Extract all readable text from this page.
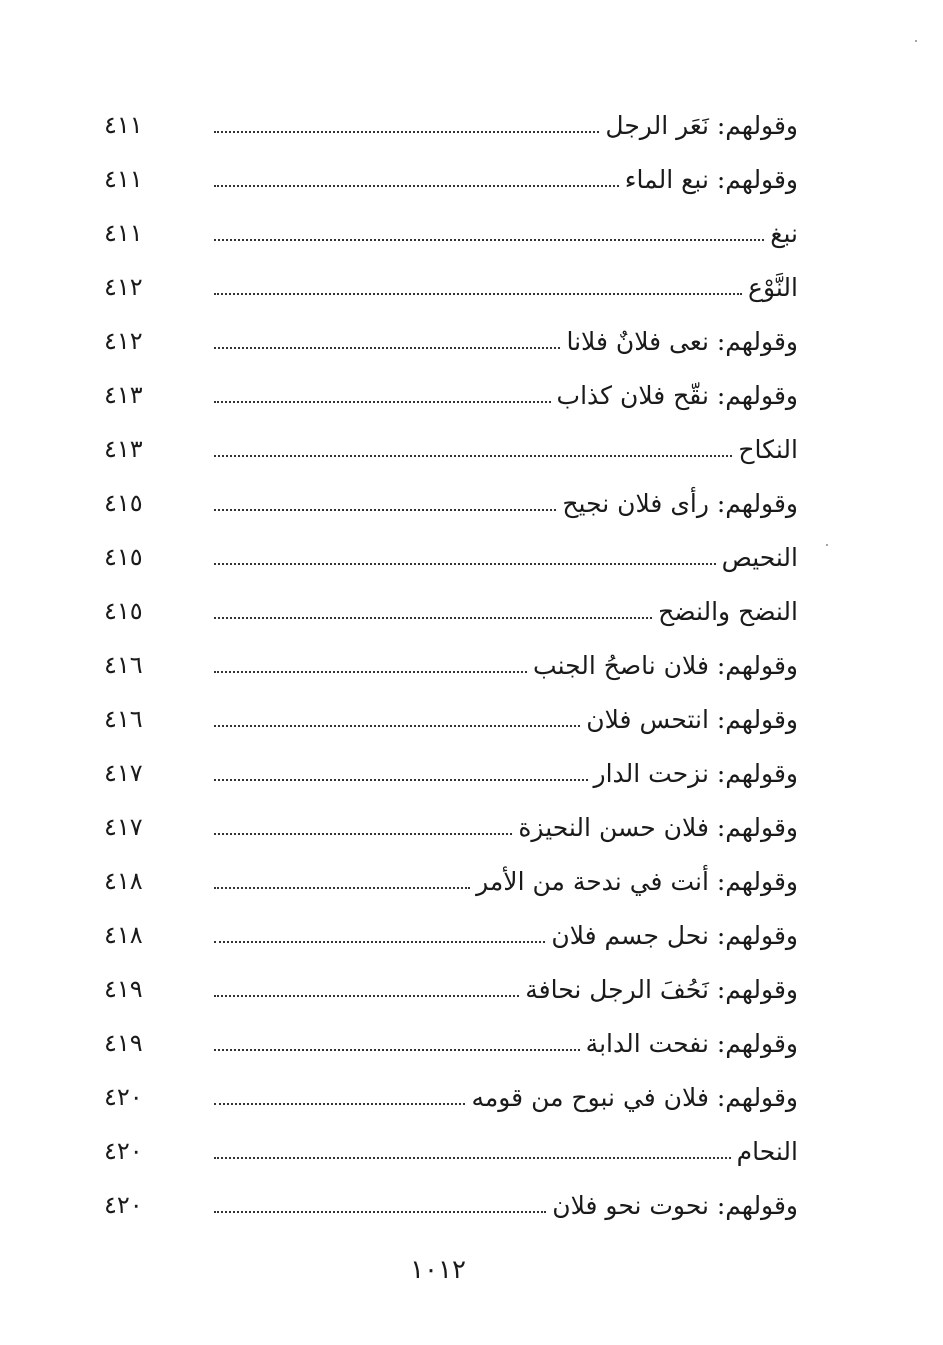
٤١١	وقولهم: نَعَر الرجل
٤١١	وقولهم: نبع الماء
٤١١	نبغ
٤١٢	النَّوْع
٤١٢	وقولهم: نعى فلانٌ فلانا
٤١٣	وقولهم: نقّح فلان كذاب
٤١٣	النكاح
٤١٥	وقولهم: رأى فلان نجيح
٤١٥	النحيص
٤١٥	النضح والنضح
٤١٦	وقولهم: فلان ناصحُ الجنب
٤١٦	وقولهم: انتحس فلان
٤١٧	وقولهم: نزحت الدار
٤١٧	وقولهم: فلان حسن النحيزة
٤١٨	وقولهم: أنت في ندحة من الأمر
٤١٨	وقولهم: نحل جسم فلان
٤١٩	وقولهم: نَحُفَ الرجل نحافة
٤١٩	وقولهم: نفحت الدابة
٤٢٠	وقولهم: فلان في نبوح من قومه
٤٢٠	النحام
٤٢٠	وقولهم: نحوت نحو فلان
١٠١٢
